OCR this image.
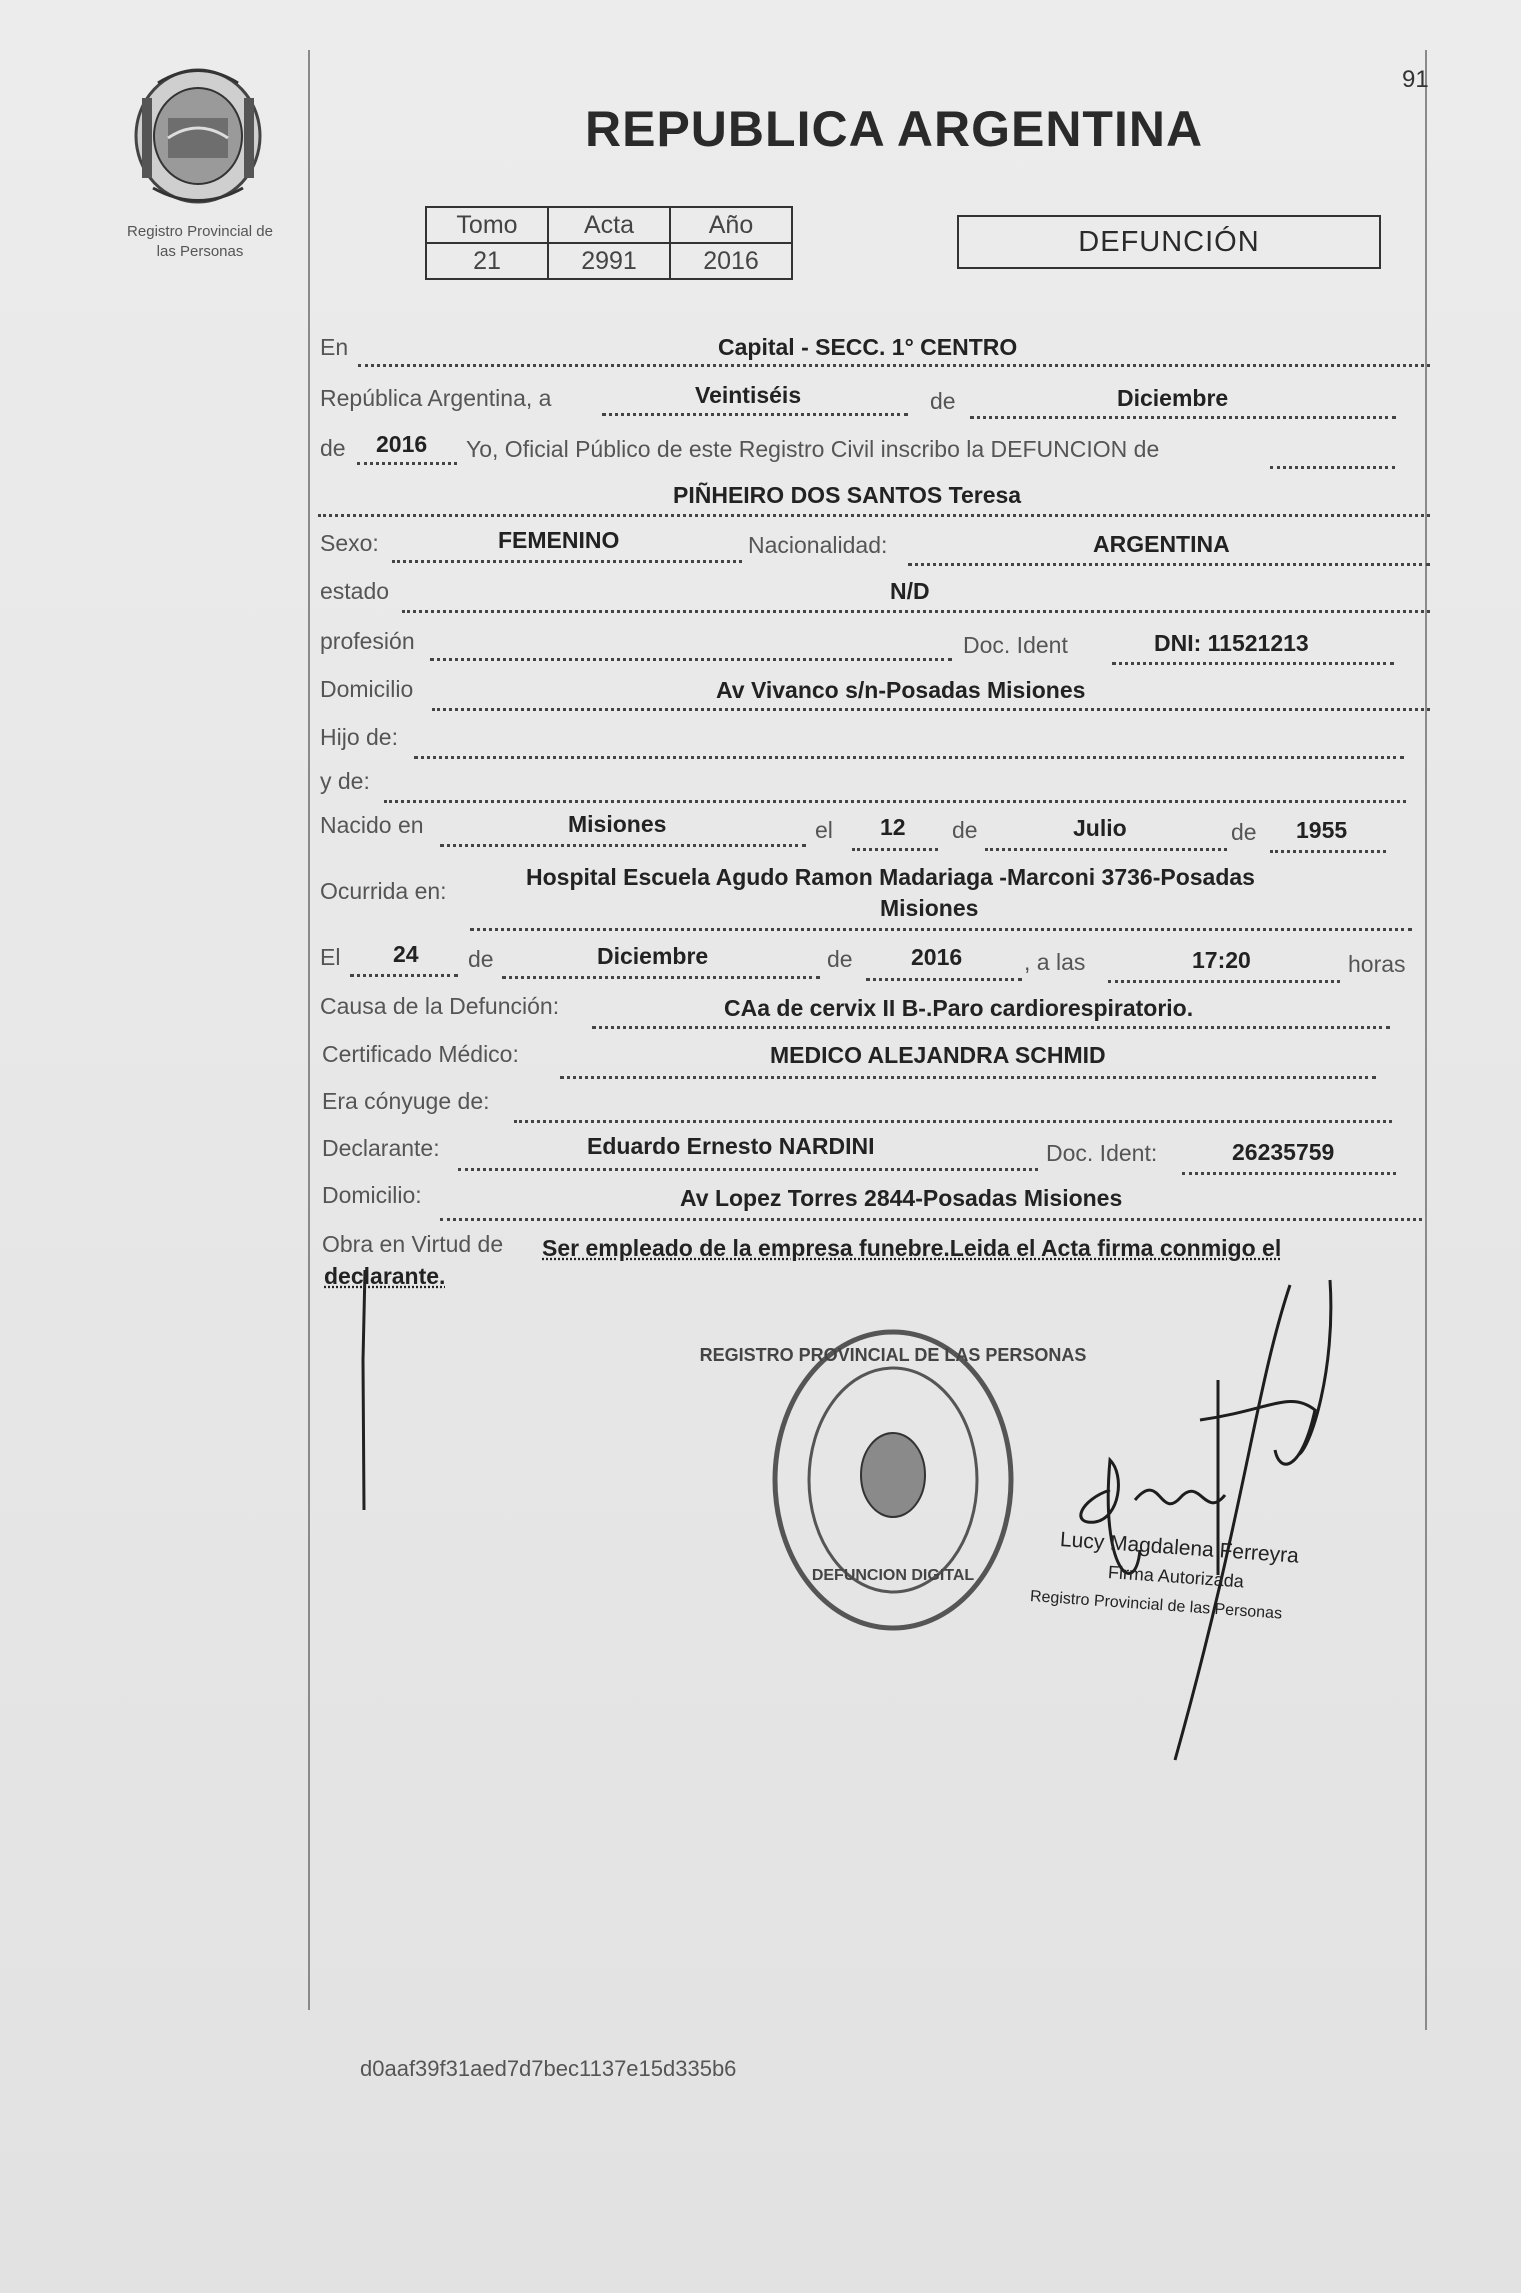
Registro Provincial de
las Personas
91
REPUBLICA ARGENTINA
Tomo	Acta	Año
21	2991	2016
DEFUNCIÓN
En	Capital - SECC. 1° CENTRO
República Argentina, a	Veintiséis	de	Diciembre
de 2016 Yo, Oficial Público de este Registro Civil inscribo la DEFUNCION de
PIÑHEIRO DOS SANTOS Teresa
Sexo:	FEMENINO	Nacionalidad:	ARGENTINA
estado	N/D
profesión	Doc. Ident	DNI: 11521213
Domicilio	Av Vivanco s/n-Posadas Misiones
Hijo de:
y de:
Nacido en	Misiones	el 12 de	Julio	de 1955
Ocurrida en:
Hospital Escuela Agudo Ramon Madariaga -Marconi 3736-Posadas
Misiones
El 24 de	Diciembre	de	2016	, a las	17:20	horas
Causa de la Defunción:	CAa de cervix II B-.Paro cardiorespiratorio.
Certificado Médico:	MEDICO ALEJANDRA SCHMID
Era cónyuge de:
Declarante:	Eduardo Ernesto NARDINI	Doc. Ident:	26235759
Domicilio:	Av Lopez Torres 2844-Posadas Misiones
Obra en Virtud de Ser empleado de la empresa funebre.Leida el Acta firma conmigo el
declarante.
REGISTRO PROVINCIAL DE LAS PERSONAS
DEFUNCION DIGITAL
Lucy Magdalena Ferreyra
Firma Autorizada
Registro Provincial de las Personas
d0aaf39f31aed7d7bec1137e15d335b6
